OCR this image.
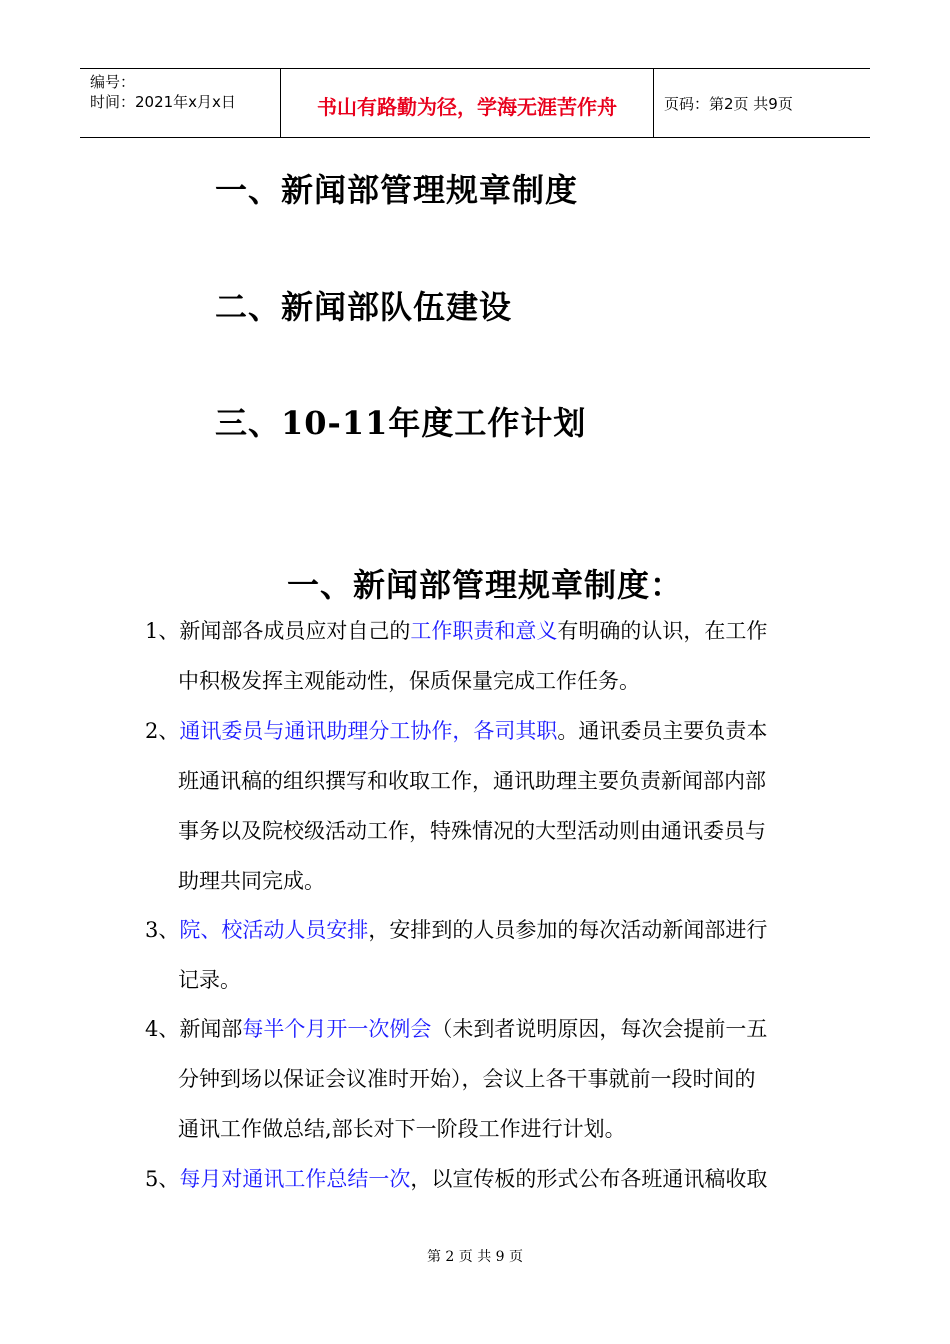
编号：
时间：2021年x月x日	书山有路勤为径，学海无涯苦作舟	页码：第2页 共9页
一、新闻部管理规章制度
二、新闻部队伍建设
三、10-11年度工作计划
一、新闻部管理规章制度：
1、新闻部各成员应对自己的工作职责和意义有明确的认识，在工作
中积极发挥主观能动性，保质保量完成工作任务。
2、通讯委员与通讯助理分工协作，各司其职。通讯委员主要负责本
班通讯稿的组织撰写和收取工作，通讯助理主要负责新闻部内部
事务以及院校级活动工作，特殊情况的大型活动则由通讯委员与
助理共同完成。
3、院、校活动人员安排，安排到的人员参加的每次活动新闻部进行
记录。
4、新闻部每半个月开一次例会（未到者说明原因，每次会提前一五
分钟到场以保证会议准时开始），会议上各干事就前一段时间的
通讯工作做总结,部长对下一阶段工作进行计划。
5、每月对通讯工作总结一次，以宣传板的形式公布各班通讯稿收取
第 2 页 共 9 页
